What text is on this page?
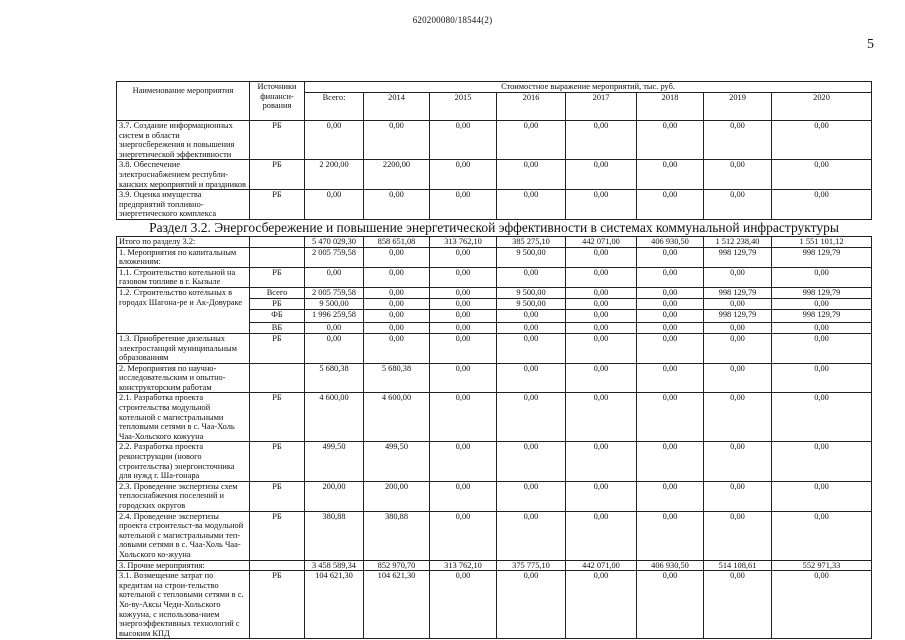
620200080/18544(2)
5
Наименование мероприятия	Источники финанси-рования	Стоимостное выражение мероприятий, тыс. руб.							
		Всего:	2014	2015	2016	2017	2018	2019	2020
3.7. Создание информационных систем в области энергосбережения и повышения энергетической эффективности	РБ	0,00	0,00	0,00	0,00	0,00	0,00	0,00	0,00
3.8. Обеспечение электроснабжением республи-канских мероприятий и праздников	РБ	2 200,00	2200,00	0,00	0,00	0,00	0,00	0,00	0,00
3.9. Оценка имущества предприятий топливно-энергетического комплекса	РБ	0,00	0,00	0,00	0,00	0,00	0,00	0,00	0,00
Раздел 3.2. Энергосбережение и повышение энергетической эффективности в системах коммунальной инфраструктуры									
Итого по разделу 3.2:		5 470 029,30	858 651,08	313 762,10	385 275,10	442 071,00	406 930,50	1 512 238,40	1 551 101,12
1. Мероприятия по капитальным вложениям:		2 005 759,58	0,00	0,00	9 500,00	0,00	0,00	998 129,79	998 129,79
1.1. Строительство котельной на газовом топливе в г. Кызыле	РБ	0,00	0,00	0,00	0,00	0,00	0,00	0,00	0,00
1.2. Строительство котельных в городах Шагона-ре и Ак-Довураке	Всего	2 005 759,58	0,00	0,00	9 500,00	0,00	0,00	998 129,79	998 129,79
	РБ	9 500,00	0,00	0,00	9 500,00	0,00	0,00	0,00	0,00
	ФБ	1 996 259,58	0,00	0,00	0,00	0,00	0,00	998 129,79	998 129,79
	ВБ	0,00	0,00	0,00	0,00	0,00	0,00	0,00	0,00
1.3. Приобретение дизельных электростанций муниципальным образованиям	РБ	0,00	0,00	0,00	0,00	0,00	0,00	0,00	0,00
2. Мероприятия по научно-исследовательским и опытно-конструкторским работам		5 680,38	5 680,38	0,00	0,00	0,00	0,00	0,00	0,00
2.1. Разработка проекта строительства модульной котельной с магистральными тепловыми сетями в с. Чаа-Холь Чаа-Хольского кожууна	РБ	4 600,00	4 600,00	0,00	0,00	0,00	0,00	0,00	0,00
2.2. Разработка проекта реконструкции (нового строительства) энергоисточника для нужд г. Ша-гонара	РБ	499,50	499,50	0,00	0,00	0,00	0,00	0,00	0,00
2.3. Проведение экспертизы схем теплоснабжения поселений и городских округов	РБ	200,00	200,00	0,00	0,00	0,00	0,00	0,00	0,00
2.4. Проведение экспертизы проекта строительст-ва модульной котельной с магистральными теп-ловыми сетями в с. Чаа-Холь Чаа-Хольского ко-жууна	РБ	380,88	380,88	0,00	0,00	0,00	0,00	0,00	0,00
3. Прочие мероприятия:		3 458 589,34	852 970,70	313 762,10	375 775,10	442 071,00	406 930,50	514 108,61	552 971,33
3.1. Возмещение затрат по кредитам на строи-тельство котельной с тепловыми сетями в с. Хо-ву-Аксы Чеди-Хольского кожууна, с использова-нием энергоэффективных технологий с высоким КПД	РБ	104 621,30	104 621,30	0,00	0,00	0,00	0,00	0,00	0,00
